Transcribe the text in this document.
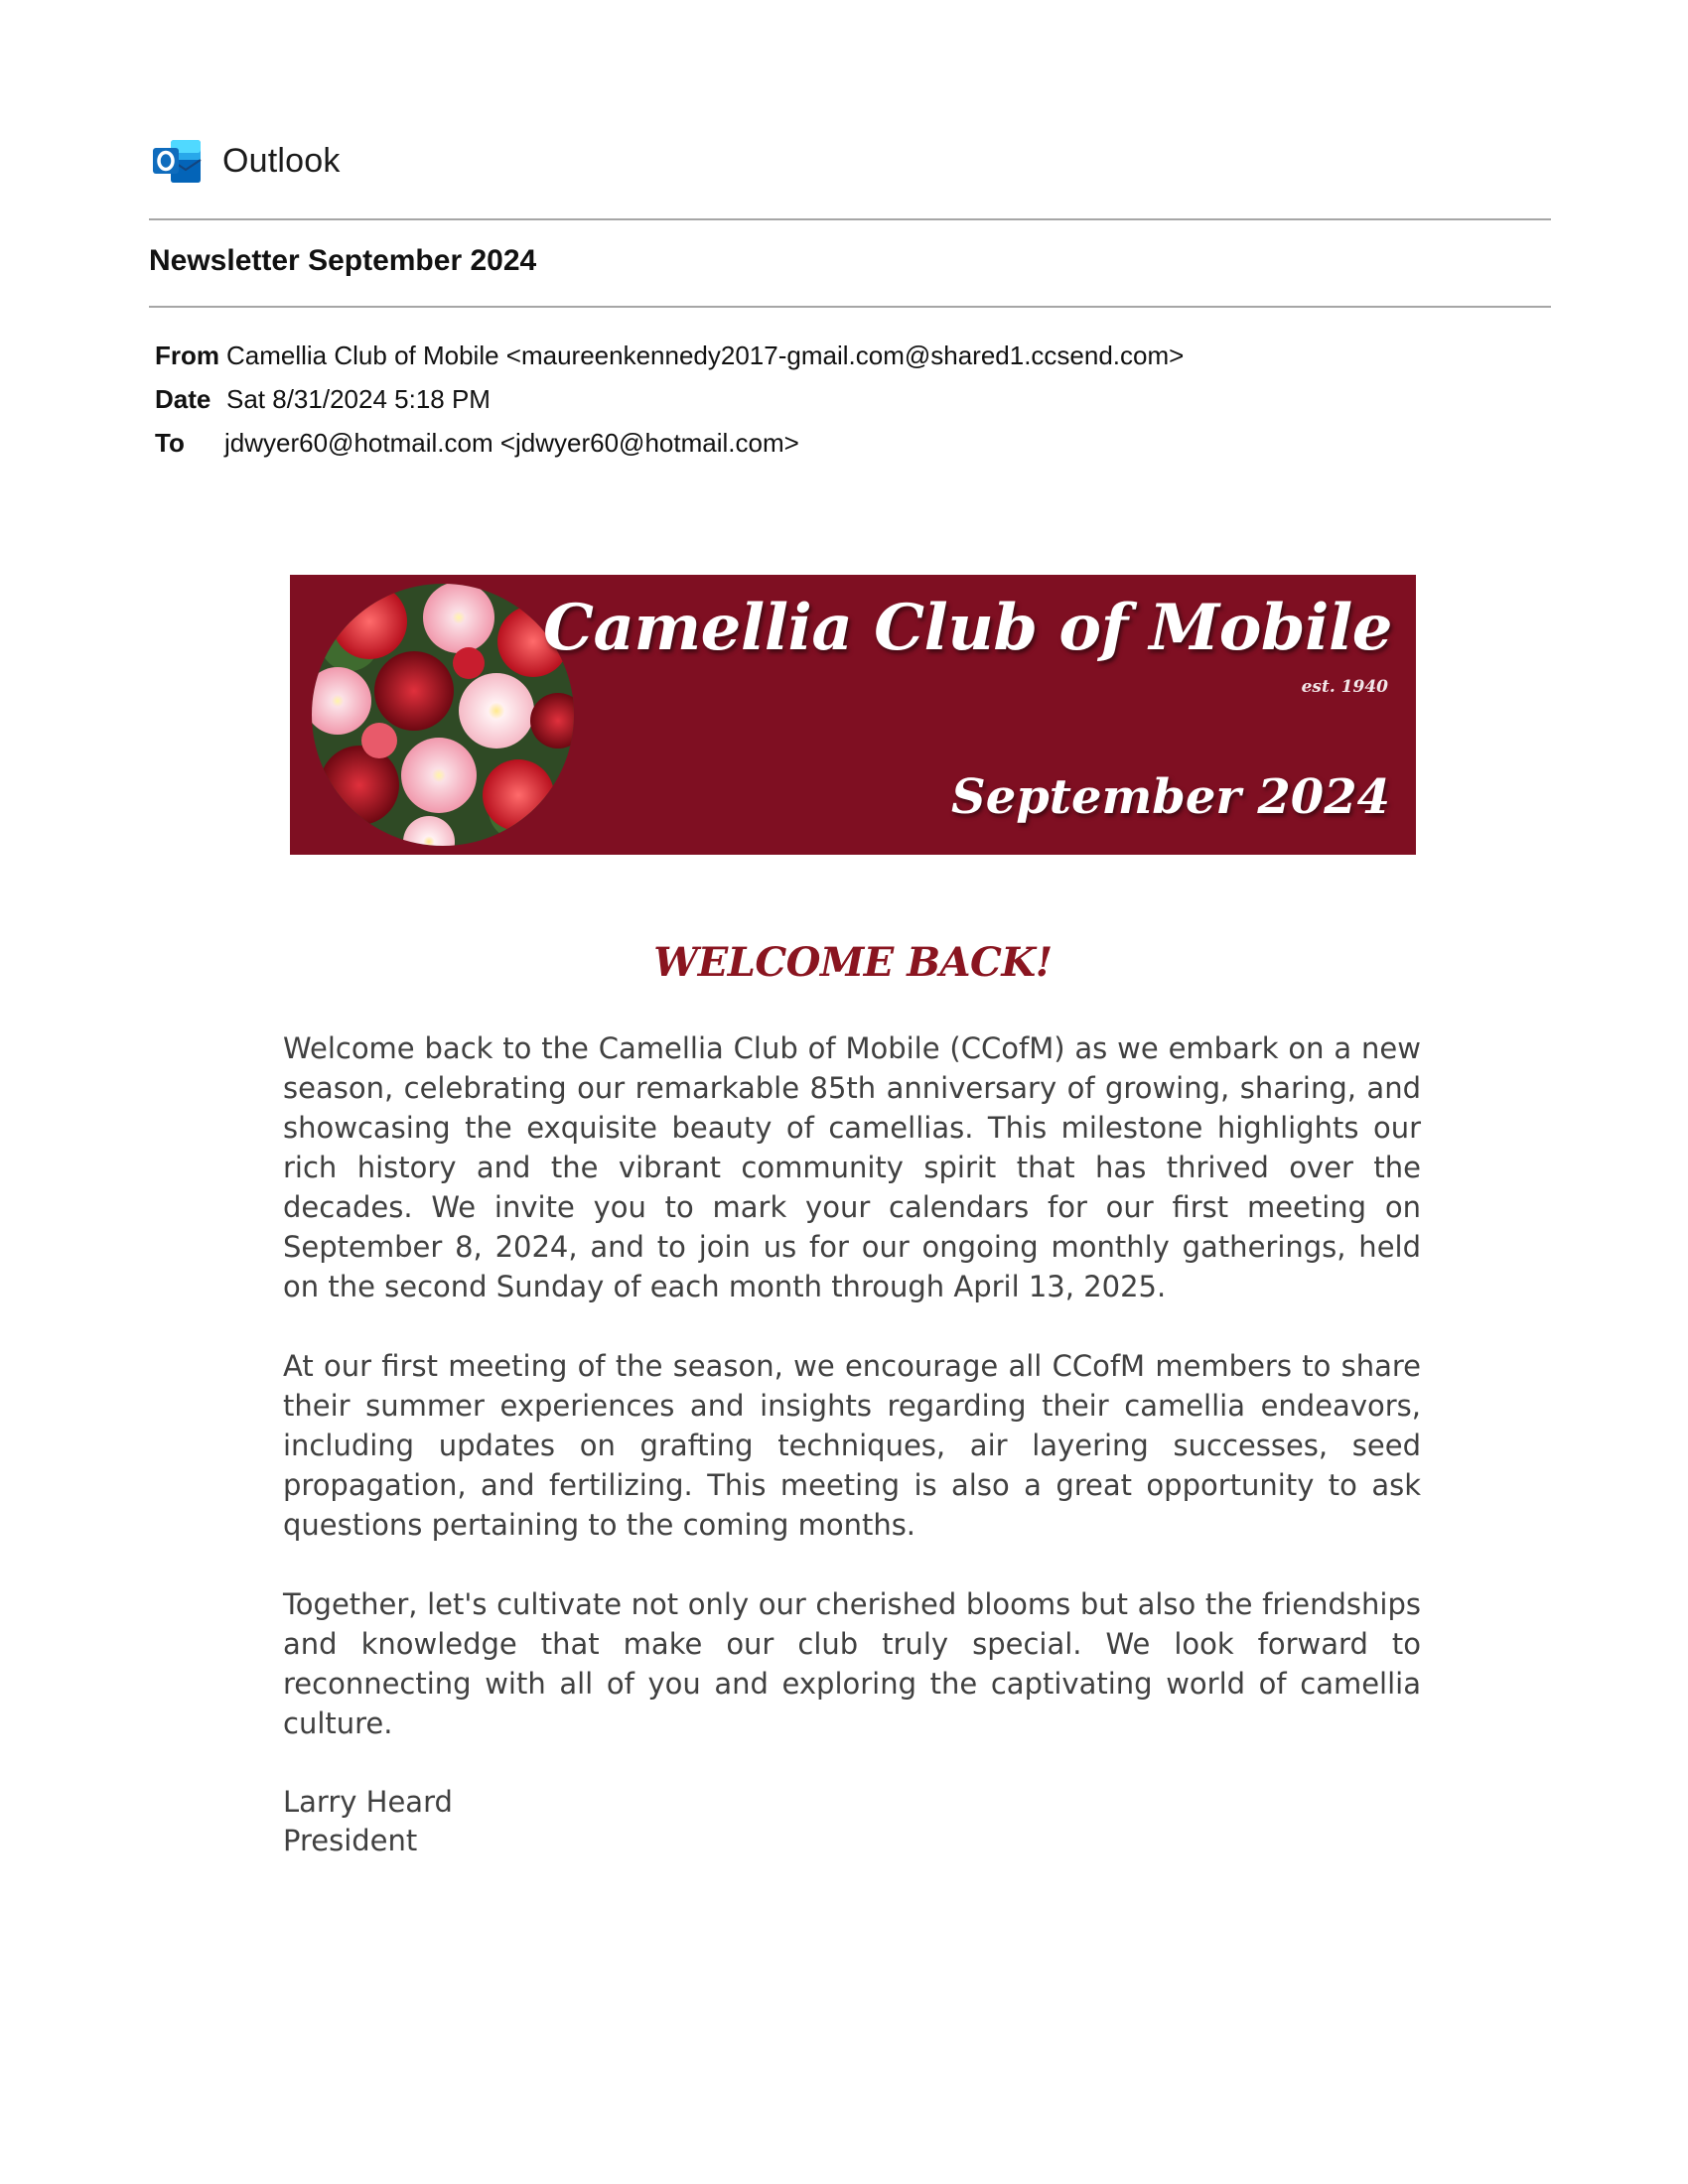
Outlook
Newsletter September 2024
From Camellia Club of Mobile <maureenkennedy2017-gmail.com@shared1.ccsend.com>
Date Sat 8/31/2024 5:18 PM
To	jdwyer60@hotmail.com <jdwyer60@hotmail.com>
Camellia Club of Mobile
est. 1940
September 2024
WELCOME BACK!

Welcome back to the Camellia Club of Mobile (CCofM) as we embark on a new season, celebrating our remarkable 85th anniversary of growing, sharing, and showcasing the exquisite beauty of camellias. This milestone highlights our rich history and the vibrant community spirit that has thrived over the decades. We invite you to mark your calendars for our first meeting on September 8, 2024, and to join us for our ongoing monthly gatherings, held on the second Sunday of each month through April 13, 2025.

At our first meeting of the season, we encourage all CCofM members to share their summer experiences and insights regarding their camellia endeavors, including updates on grafting techniques, air layering successes, seed propagation, and fertilizing. This meeting is also a great opportunity to ask questions pertaining to the coming months.

Together, let's cultivate not only our cherished blooms but also the friendships and knowledge that make our club truly special. We look forward to reconnecting with all of you and exploring the captivating world of camellia culture.

Larry Heard
President
